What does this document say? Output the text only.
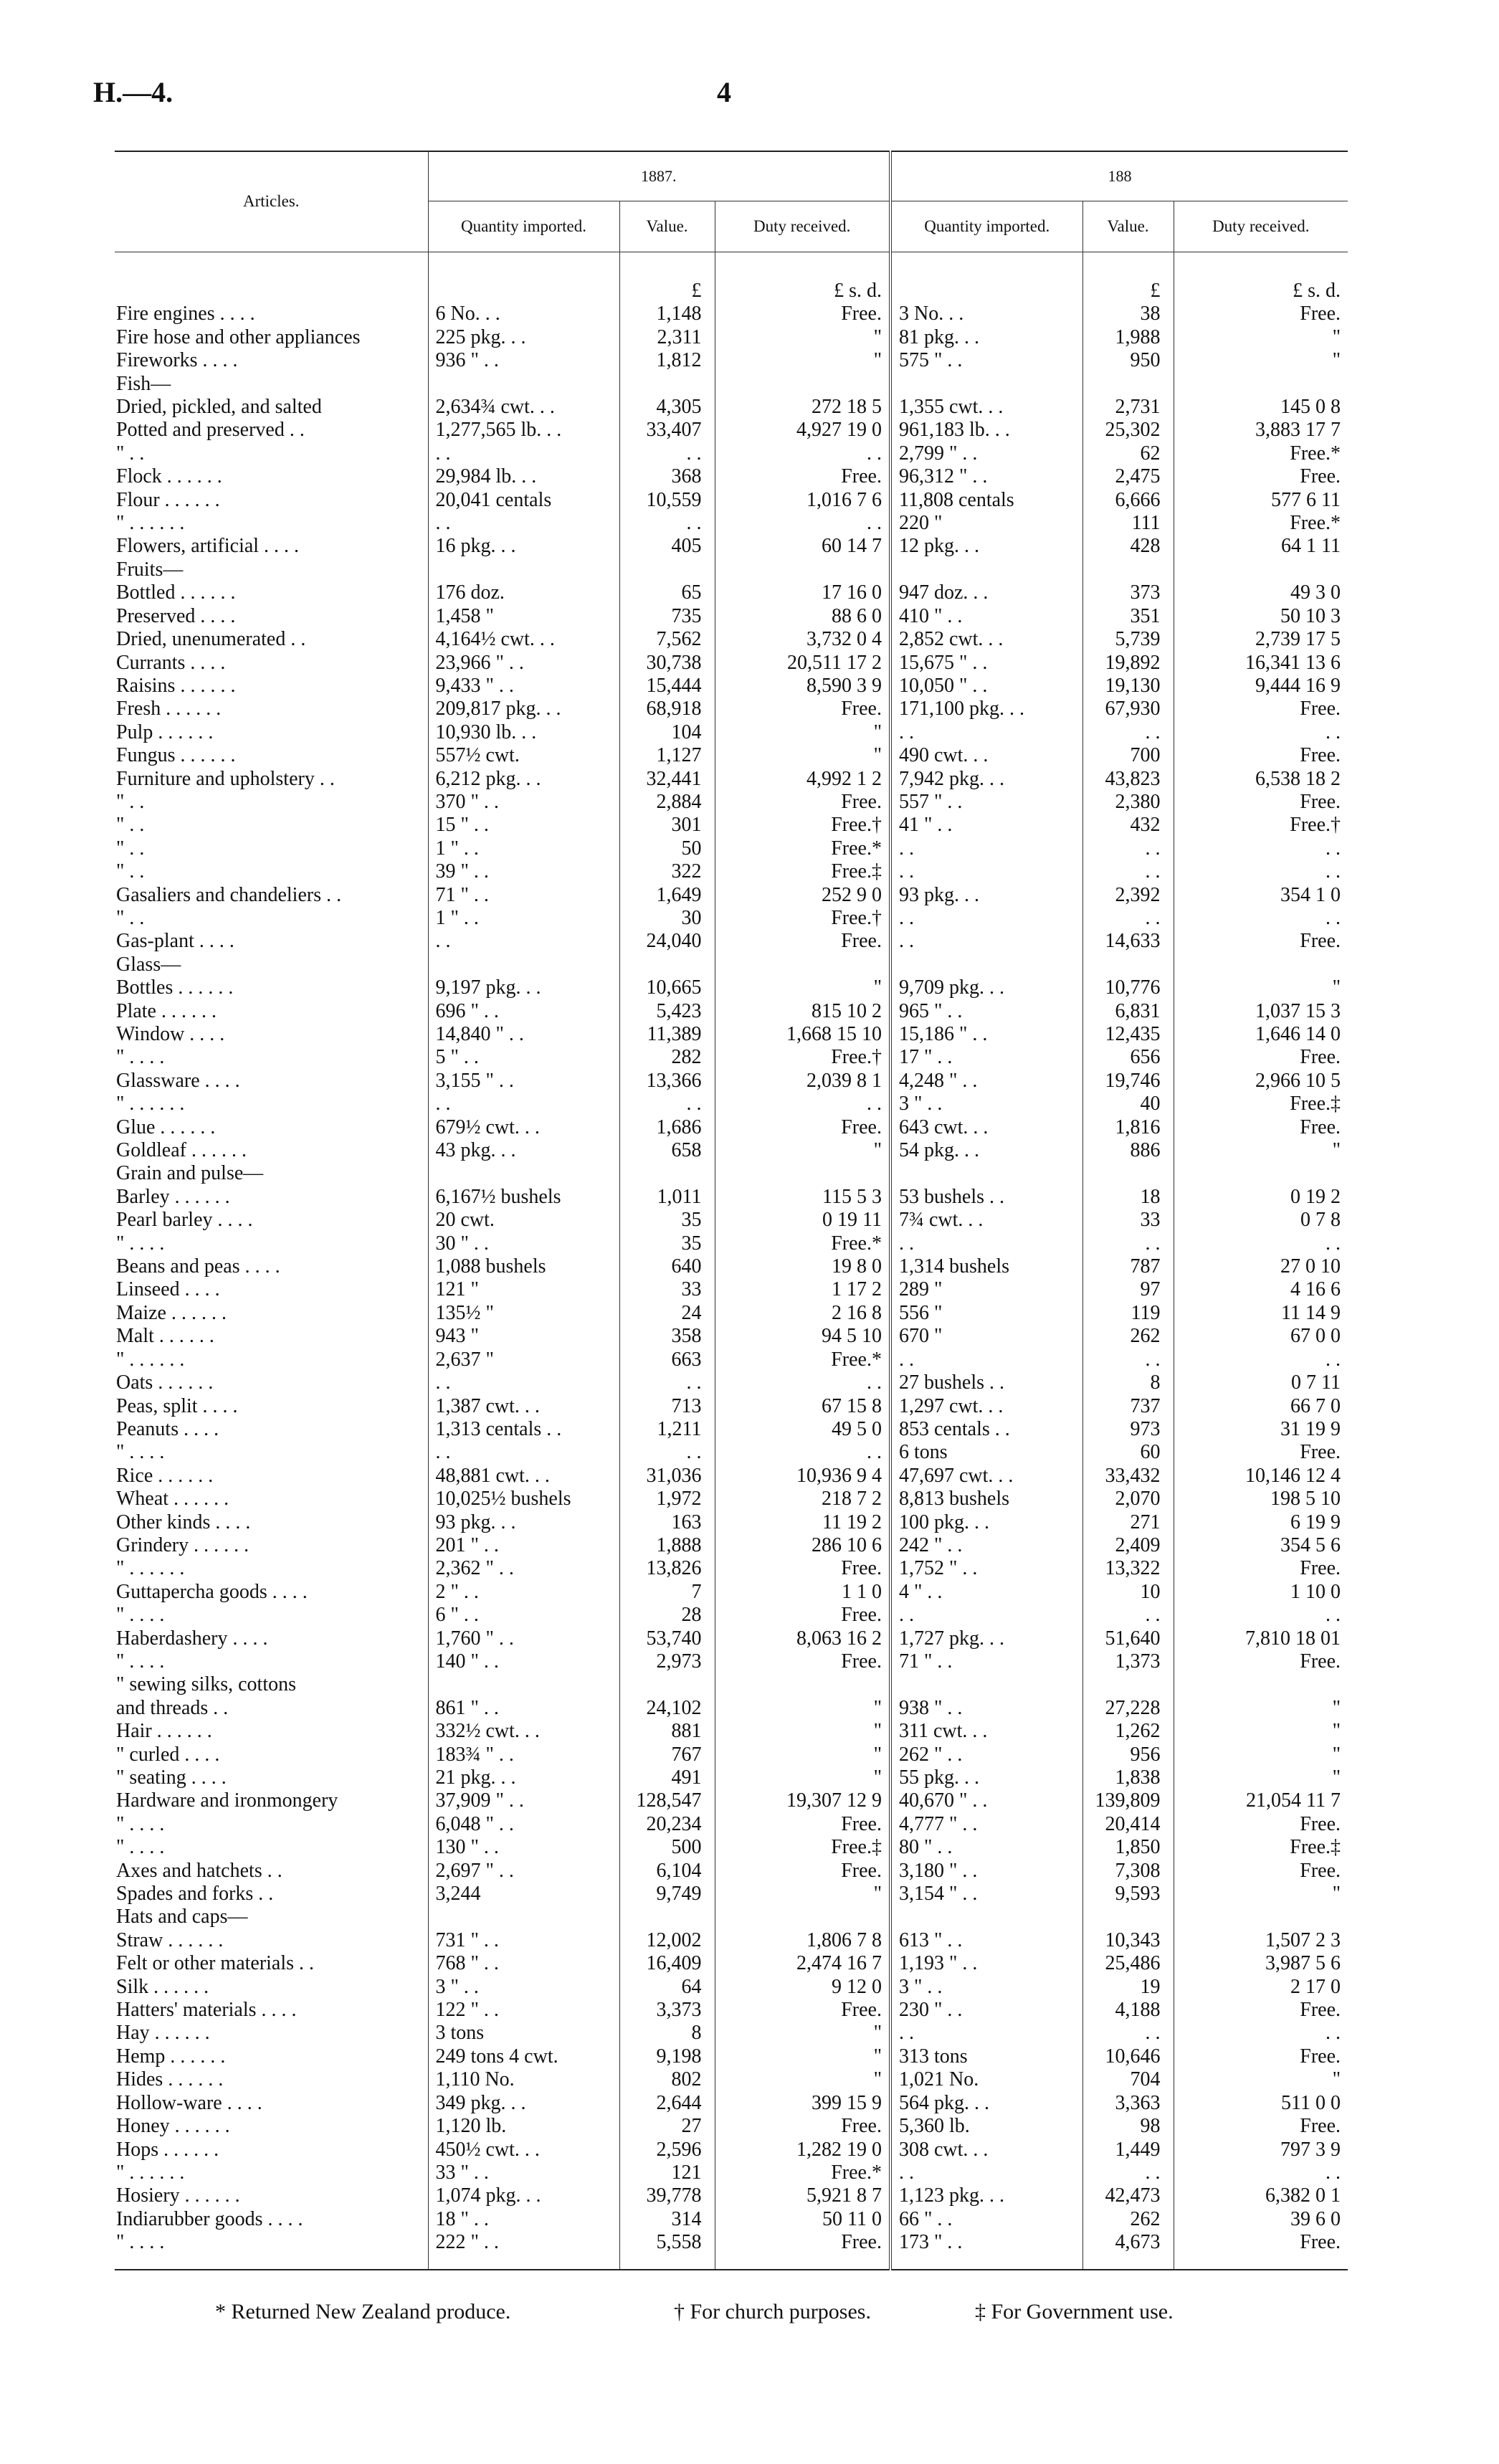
H.—4.	4
Articles.	1887.			188		
	Quantity imported.	Value.	Duty received.	Quantity imported.	Value.	Duty received.

		£	£ s. d.		£	£ s. d.
Fire engines . . . .	6 No. . .	1,148	Free.	3 No. . .	38	Free.
Fire hose and other appliances	225 pkg. . .	2,311	"	81 pkg. . .	1,988	"
Fireworks . . . .	936 " . .	1,812	"	575 " . .	950	"
Fish—						
Dried, pickled, and salted	2,634¾ cwt. . .	4,305	272 18 5	1,355 cwt. . .	2,731	145 0 8
Potted and preserved . .	1,277,565 lb. . .	33,407	4,927 19 0	961,183 lb. . .	25,302	3,883 17 7
" . .	. .	. .	. .	2,799 " . .	62	Free.*
Flock . . . . . .	29,984 lb. . .	368	Free.	96,312 " . .	2,475	Free.
Flour . . . . . .	20,041 centals	10,559	1,016 7 6	11,808 centals	6,666	577 6 11
" . . . . . .	. .	. .	. .	220 "	111	Free.*
Flowers, artificial . . . .	16 pkg. . .	405	60 14 7	12 pkg. . .	428	64 1 11
Fruits—						
Bottled . . . . . .	176 doz.	65	17 16 0	947 doz. . .	373	49 3 0
Preserved . . . .	1,458 "	735	88 6 0	410 " . .	351	50 10 3
Dried, unenumerated . .	4,164½ cwt. . .	7,562	3,732 0 4	2,852 cwt. . .	5,739	2,739 17 5
Currants . . . .	23,966 " . .	30,738	20,511 17 2	15,675 " . .	19,892	16,341 13 6
Raisins . . . . . .	9,433 " . .	15,444	8,590 3 9	10,050 " . .	19,130	9,444 16 9
Fresh . . . . . .	209,817 pkg. . .	68,918	Free.	171,100 pkg. . .	67,930	Free.
Pulp . . . . . .	10,930 lb. . .	104	"	. .	. .	. .
Fungus . . . . . .	557½ cwt.	1,127	"	490 cwt. . .	700	Free.
Furniture and upholstery . .	6,212 pkg. . .	32,441	4,992 1 2	7,942 pkg. . .	43,823	6,538 18 2
" . .	370 " . .	2,884	Free.	557 " . .	2,380	Free.
" . .	15 " . .	301	Free.†	41 " . .	432	Free.†
" . .	1 " . .	50	Free.*	. .	. .	. .
" . .	39 " . .	322	Free.‡	. .	. .	. .
Gasaliers and chandeliers . .	71 " . .	1,649	252 9 0	93 pkg. . .	2,392	354 1 0
" . .	1 " . .	30	Free.†	. .	. .	. .
Gas-plant . . . .	. .	24,040	Free.	. .	14,633	Free.
Glass—						
Bottles . . . . . .	9,197 pkg. . .	10,665	"	9,709 pkg. . .	10,776	"
Plate . . . . . .	696 " . .	5,423	815 10 2	965 " . .	6,831	1,037 15 3
Window . . . .	14,840 " . .	11,389	1,668 15 10	15,186 " . .	12,435	1,646 14 0
" . . . .	5 " . .	282	Free.†	17 " . .	656	Free.
Glassware . . . .	3,155 " . .	13,366	2,039 8 1	4,248 " . .	19,746	2,966 10 5
" . . . . . .	. .	. .	. .	3 " . .	40	Free.‡
Glue . . . . . .	679½ cwt. . .	1,686	Free.	643 cwt. . .	1,816	Free.
Goldleaf . . . . . .	43 pkg. . .	658	"	54 pkg. . .	886	"
Grain and pulse—						
Barley . . . . . .	6,167½ bushels	1,011	115 5 3	53 bushels . .	18	0 19 2
Pearl barley . . . .	20 cwt.	35	0 19 11	7¾ cwt. . .	33	0 7 8
" . . . .	30 " . .	35	Free.*	. .	. .	. .
Beans and peas . . . .	1,088 bushels	640	19 8 0	1,314 bushels	787	27 0 10
Linseed . . . .	121 "	33	1 17 2	289 "	97	4 16 6
Maize . . . . . .	135½ "	24	2 16 8	556 "	119	11 14 9
Malt . . . . . .	943 "	358	94 5 10	670 "	262	67 0 0
" . . . . . .	2,637 "	663	Free.*	. .	. .	. .
Oats . . . . . .	. .	. .	. .	27 bushels . .	8	0 7 11
Peas, split . . . .	1,387 cwt. . .	713	67 15 8	1,297 cwt. . .	737	66 7 0
Peanuts . . . .	1,313 centals . .	1,211	49 5 0	853 centals . .	973	31 19 9
" . . . .	. .	. .	. .	6 tons	60	Free.
Rice . . . . . .	48,881 cwt. . .	31,036	10,936 9 4	47,697 cwt. . .	33,432	10,146 12 4
Wheat . . . . . .	10,025½ bushels	1,972	218 7 2	8,813 bushels	2,070	198 5 10
Other kinds . . . .	93 pkg. . .	163	11 19 2	100 pkg. . .	271	6 19 9
Grindery . . . . . .	201 " . .	1,888	286 10 6	242 " . .	2,409	354 5 6
" . . . . . .	2,362 " . .	13,826	Free.	1,752 " . .	13,322	Free.
Guttapercha goods . . . .	2 " . .	7	1 1 0	4 " . .	10	1 10 0
" . . . .	6 " . .	28	Free.	. .	. .	. .
Haberdashery . . . .	1,760 " . .	53,740	8,063 16 2	1,727 pkg. . .	51,640	7,810 18 01
" . . . .	140 " . .	2,973	Free.	71 " . .	1,373	Free.
" sewing silks, cottons						
and threads . .	861 " . .	24,102	"	938 " . .	27,228	"
Hair . . . . . .	332½ cwt. . .	881	"	311 cwt. . .	1,262	"
" curled . . . .	183¾ " . .	767	"	262 " . .	956	"
" seating . . . .	21 pkg. . .	491	"	55 pkg. . .	1,838	"
Hardware and ironmongery	37,909 " . .	128,547	19,307 12 9	40,670 " . .	139,809	21,054 11 7
" . . . .	6,048 " . .	20,234	Free.	4,777 " . .	20,414	Free.
" . . . .	130 " . .	500	Free.‡	80 " . .	1,850	Free.‡
Axes and hatchets . .	2,697 " . .	6,104	Free.	3,180 " . .	7,308	Free.
Spades and forks . .	3,244	9,749	"	3,154 " . .	9,593	"
Hats and caps—						
Straw . . . . . .	731 " . .	12,002	1,806 7 8	613 " . .	10,343	1,507 2 3
Felt or other materials . .	768 " . .	16,409	2,474 16 7	1,193 " . .	25,486	3,987 5 6
Silk . . . . . .	3 " . .	64	9 12 0	3 " . .	19	2 17 0
Hatters' materials . . . .	122 " . .	3,373	Free.	230 " . .	4,188	Free.
Hay . . . . . .	3 tons	8	"	. .	. .	. .
Hemp . . . . . .	249 tons 4 cwt.	9,198	"	313 tons	10,646	Free.
Hides . . . . . .	1,110 No.	802	"	1,021 No.	704	"
Hollow-ware . . . .	349 pkg. . .	2,644	399 15 9	564 pkg. . .	3,363	511 0 0
Honey . . . . . .	1,120 lb.	27	Free.	5,360 lb.	98	Free.
Hops . . . . . .	450½ cwt. . .	2,596	1,282 19 0	308 cwt. . .	1,449	797 3 9
" . . . . . .	33 " . .	121	Free.*	. .	. .	. .
Hosiery . . . . . .	1,074 pkg. . .	39,778	5,921 8 7	1,123 pkg. . .	42,473	6,382 0 1
Indiarubber goods . . . .	18 " . .	314	50 11 0	66 " . .	262	39 6 0
" . . . .	222 " . .	5,558	Free.	173 " . .	4,673	Free.

* Returned New Zealand produce.	† For church purposes.	‡ For Government use.
